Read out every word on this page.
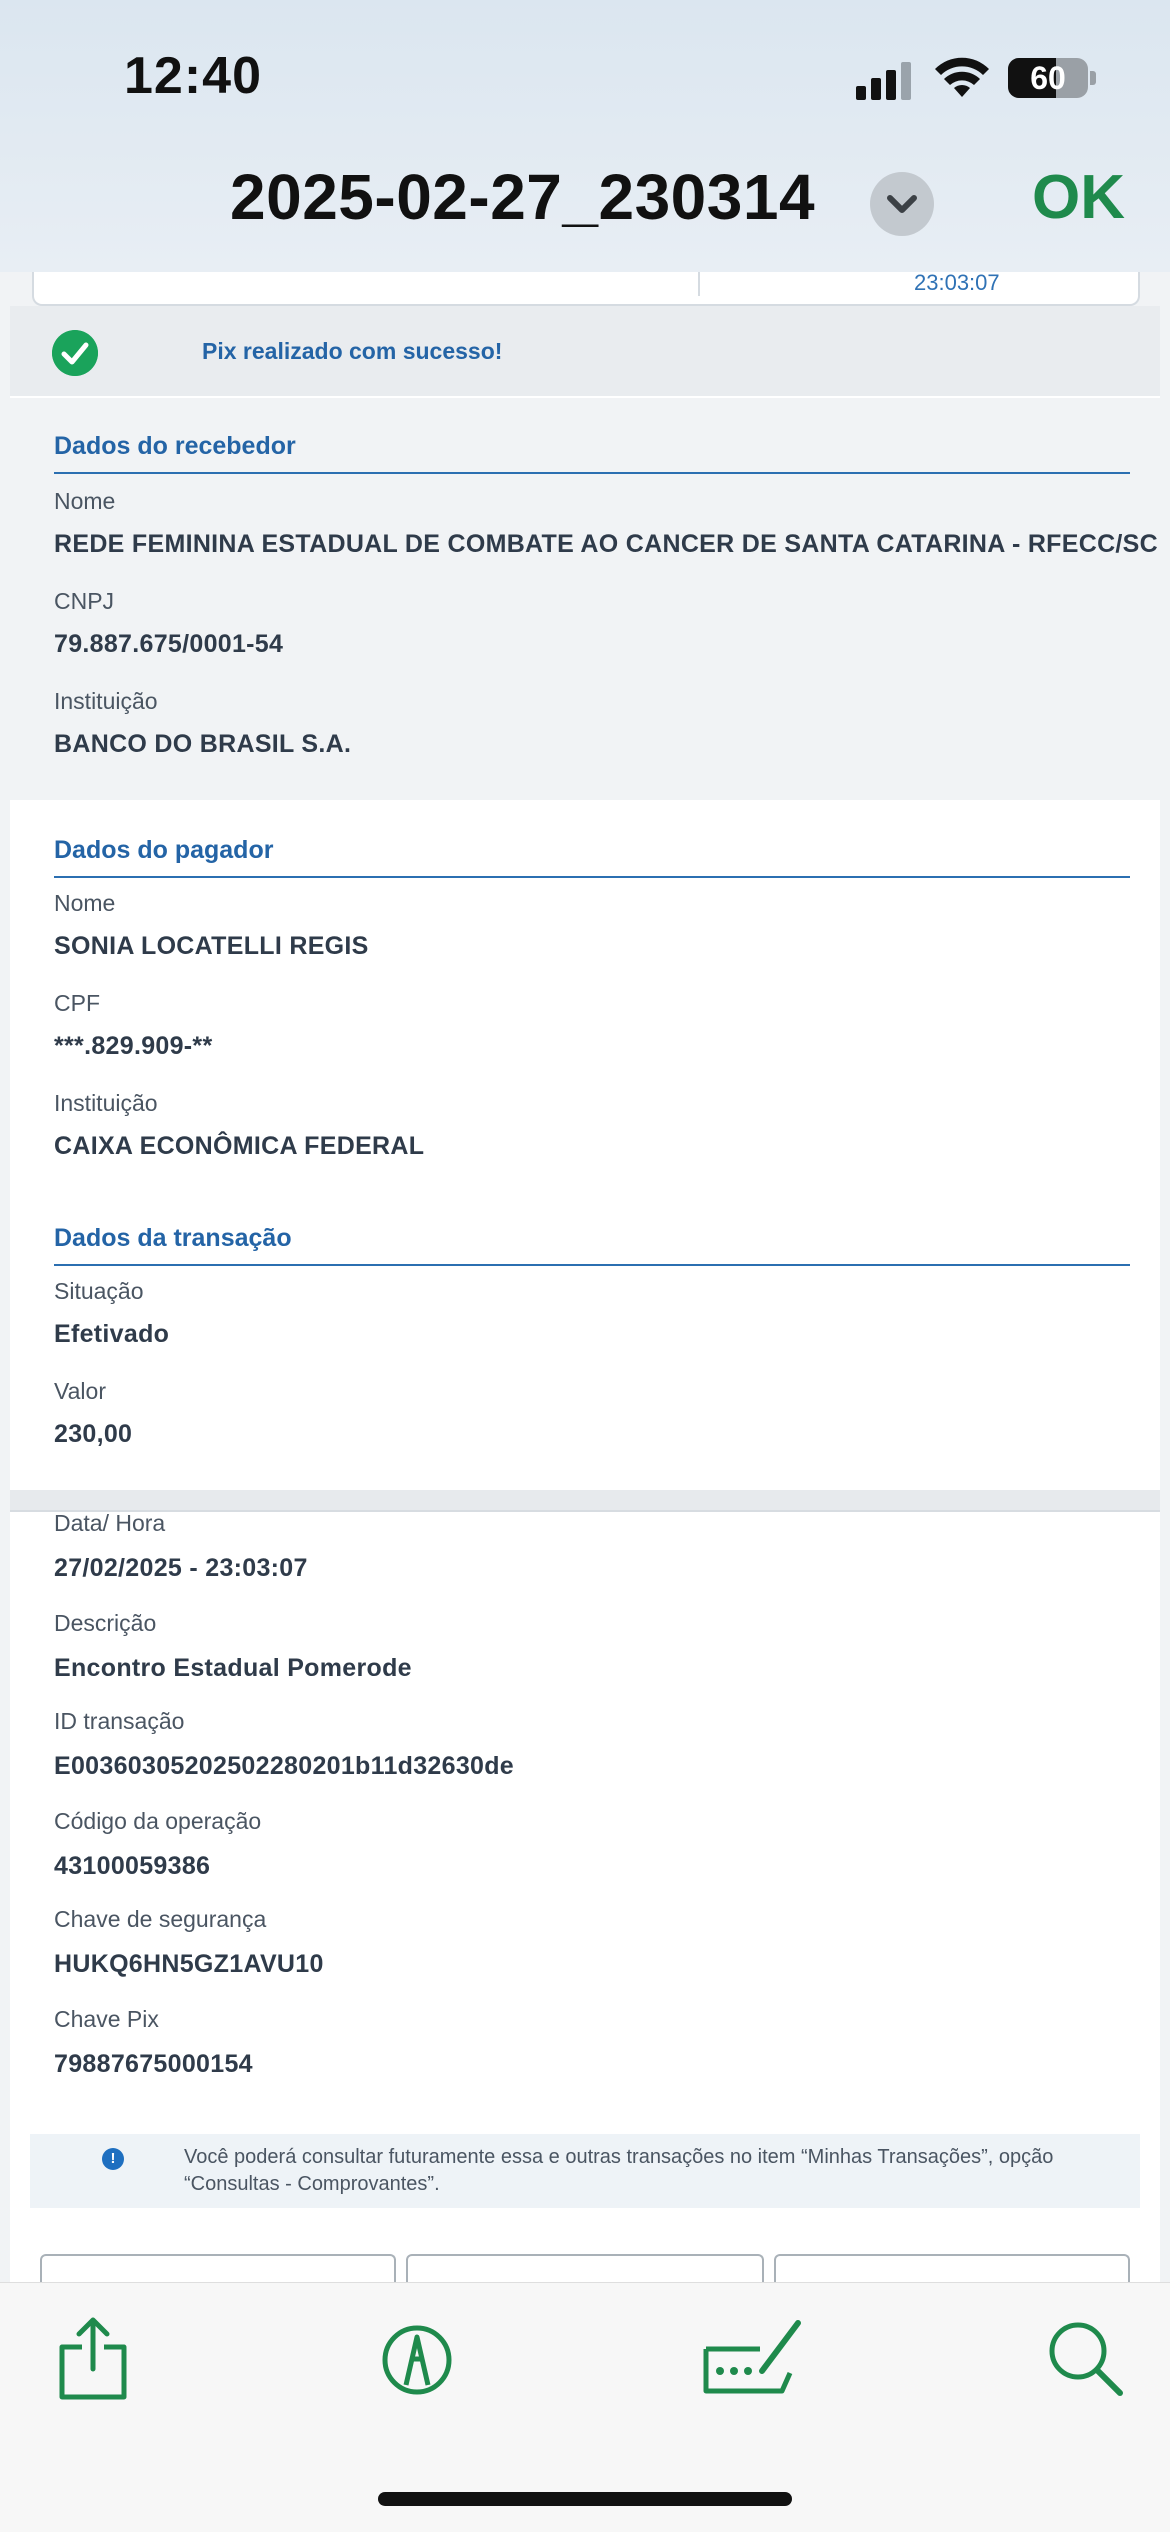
12:40	60
2025-02-27_230314	OK
23:03:07
Pix realizado com sucesso!
Dados do recebedor
Nome
REDE FEMININA ESTADUAL DE COMBATE AO CANCER DE SANTA CATARINA - RFECC/SC
CNPJ
79.887.675/0001-54
Instituição
BANCO DO BRASIL S.A.
Dados do pagador
Nome
SONIA LOCATELLI REGIS
CPF
***.829.909-**
Instituição
CAIXA ECONÔMICA FEDERAL
Dados da transação
Situação
Efetivado
Valor
230,00
Data/ Hora
27/02/2025 - 23:03:07
Descrição
Encontro Estadual Pomerode
ID transação
E00360305202502280201b11d32630de
Código da operação
43100059386
Chave de segurança
HUKQ6HN5GZ1AVU10
Chave Pix
79887675000154
!	Você poderá consultar futuramente essa e outras transações no item “Minhas Transações”, opção “Consultas - Comprovantes”.
